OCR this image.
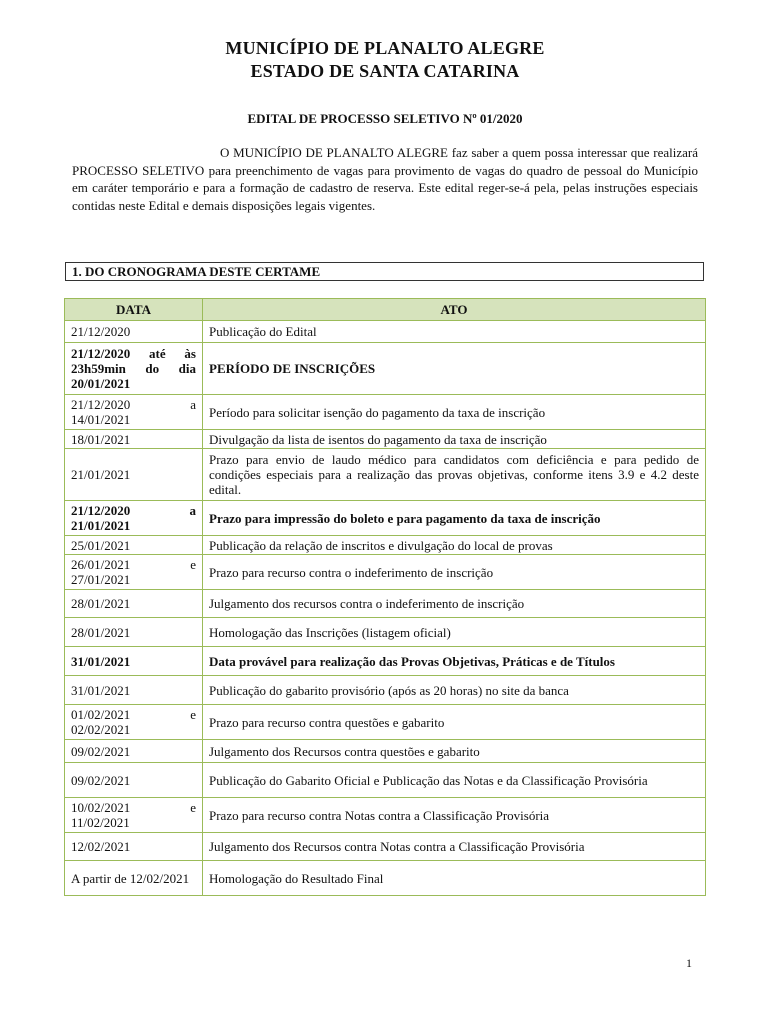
MUNICÍPIO DE PLANALTO ALEGRE
ESTADO DE SANTA CATARINA
EDITAL DE PROCESSO SELETIVO Nº 01/2020

O MUNICÍPIO DE PLANALTO ALEGRE faz saber a quem possa interessar que realizará PROCESSO SELETIVO para preenchimento de vagas para provimento de vagas do quadro de pessoal do Município em caráter temporário e para a formação de cadastro de reserva. Este edital reger-se-á pela, pelas instruções especiais contidas neste Edital e demais disposições legais vigentes.

1. DO CRONOGRAMA DESTE CERTAME
DATA	ATO
21/12/2020	Publicação do Edital
21/12/2020 até às 23h59min do dia 20/01/2021	PERÍODO DE INSCRIÇÕES
21/12/2020 a 14/01/2021	Período para solicitar isenção do pagamento da taxa de inscrição
18/01/2021	Divulgação da lista de isentos do pagamento da taxa de inscrição
21/01/2021	Prazo para envio de laudo médico para candidatos com deficiência e para pedido de condições especiais para a realização das provas objetivas, conforme itens 3.9 e 4.2 deste edital.
21/12/2020 a 21/01/2021	Prazo para impressão do boleto e para pagamento da taxa de inscrição
25/01/2021	Publicação da relação de inscritos e divulgação do local de provas
26/01/2021 e 27/01/2021	Prazo para recurso contra o indeferimento de inscrição
28/01/2021	Julgamento dos recursos contra o indeferimento de inscrição
28/01/2021	Homologação das Inscrições (listagem oficial)
31/01/2021	Data provável para realização das Provas Objetivas, Práticas e de Títulos
31/01/2021	Publicação do gabarito provisório (após as 20 horas) no site da banca
01/02/2021 e 02/02/2021	Prazo para recurso contra questões e gabarito
09/02/2021	Julgamento dos Recursos contra questões e gabarito
09/02/2021	Publicação do Gabarito Oficial e Publicação das Notas e da Classificação Provisória
10/02/2021 e 11/02/2021	Prazo para recurso contra Notas contra a Classificação Provisória
12/02/2021	Julgamento dos Recursos contra Notas contra a Classificação Provisória
A partir de 12/02/2021	Homologação do Resultado Final
1
